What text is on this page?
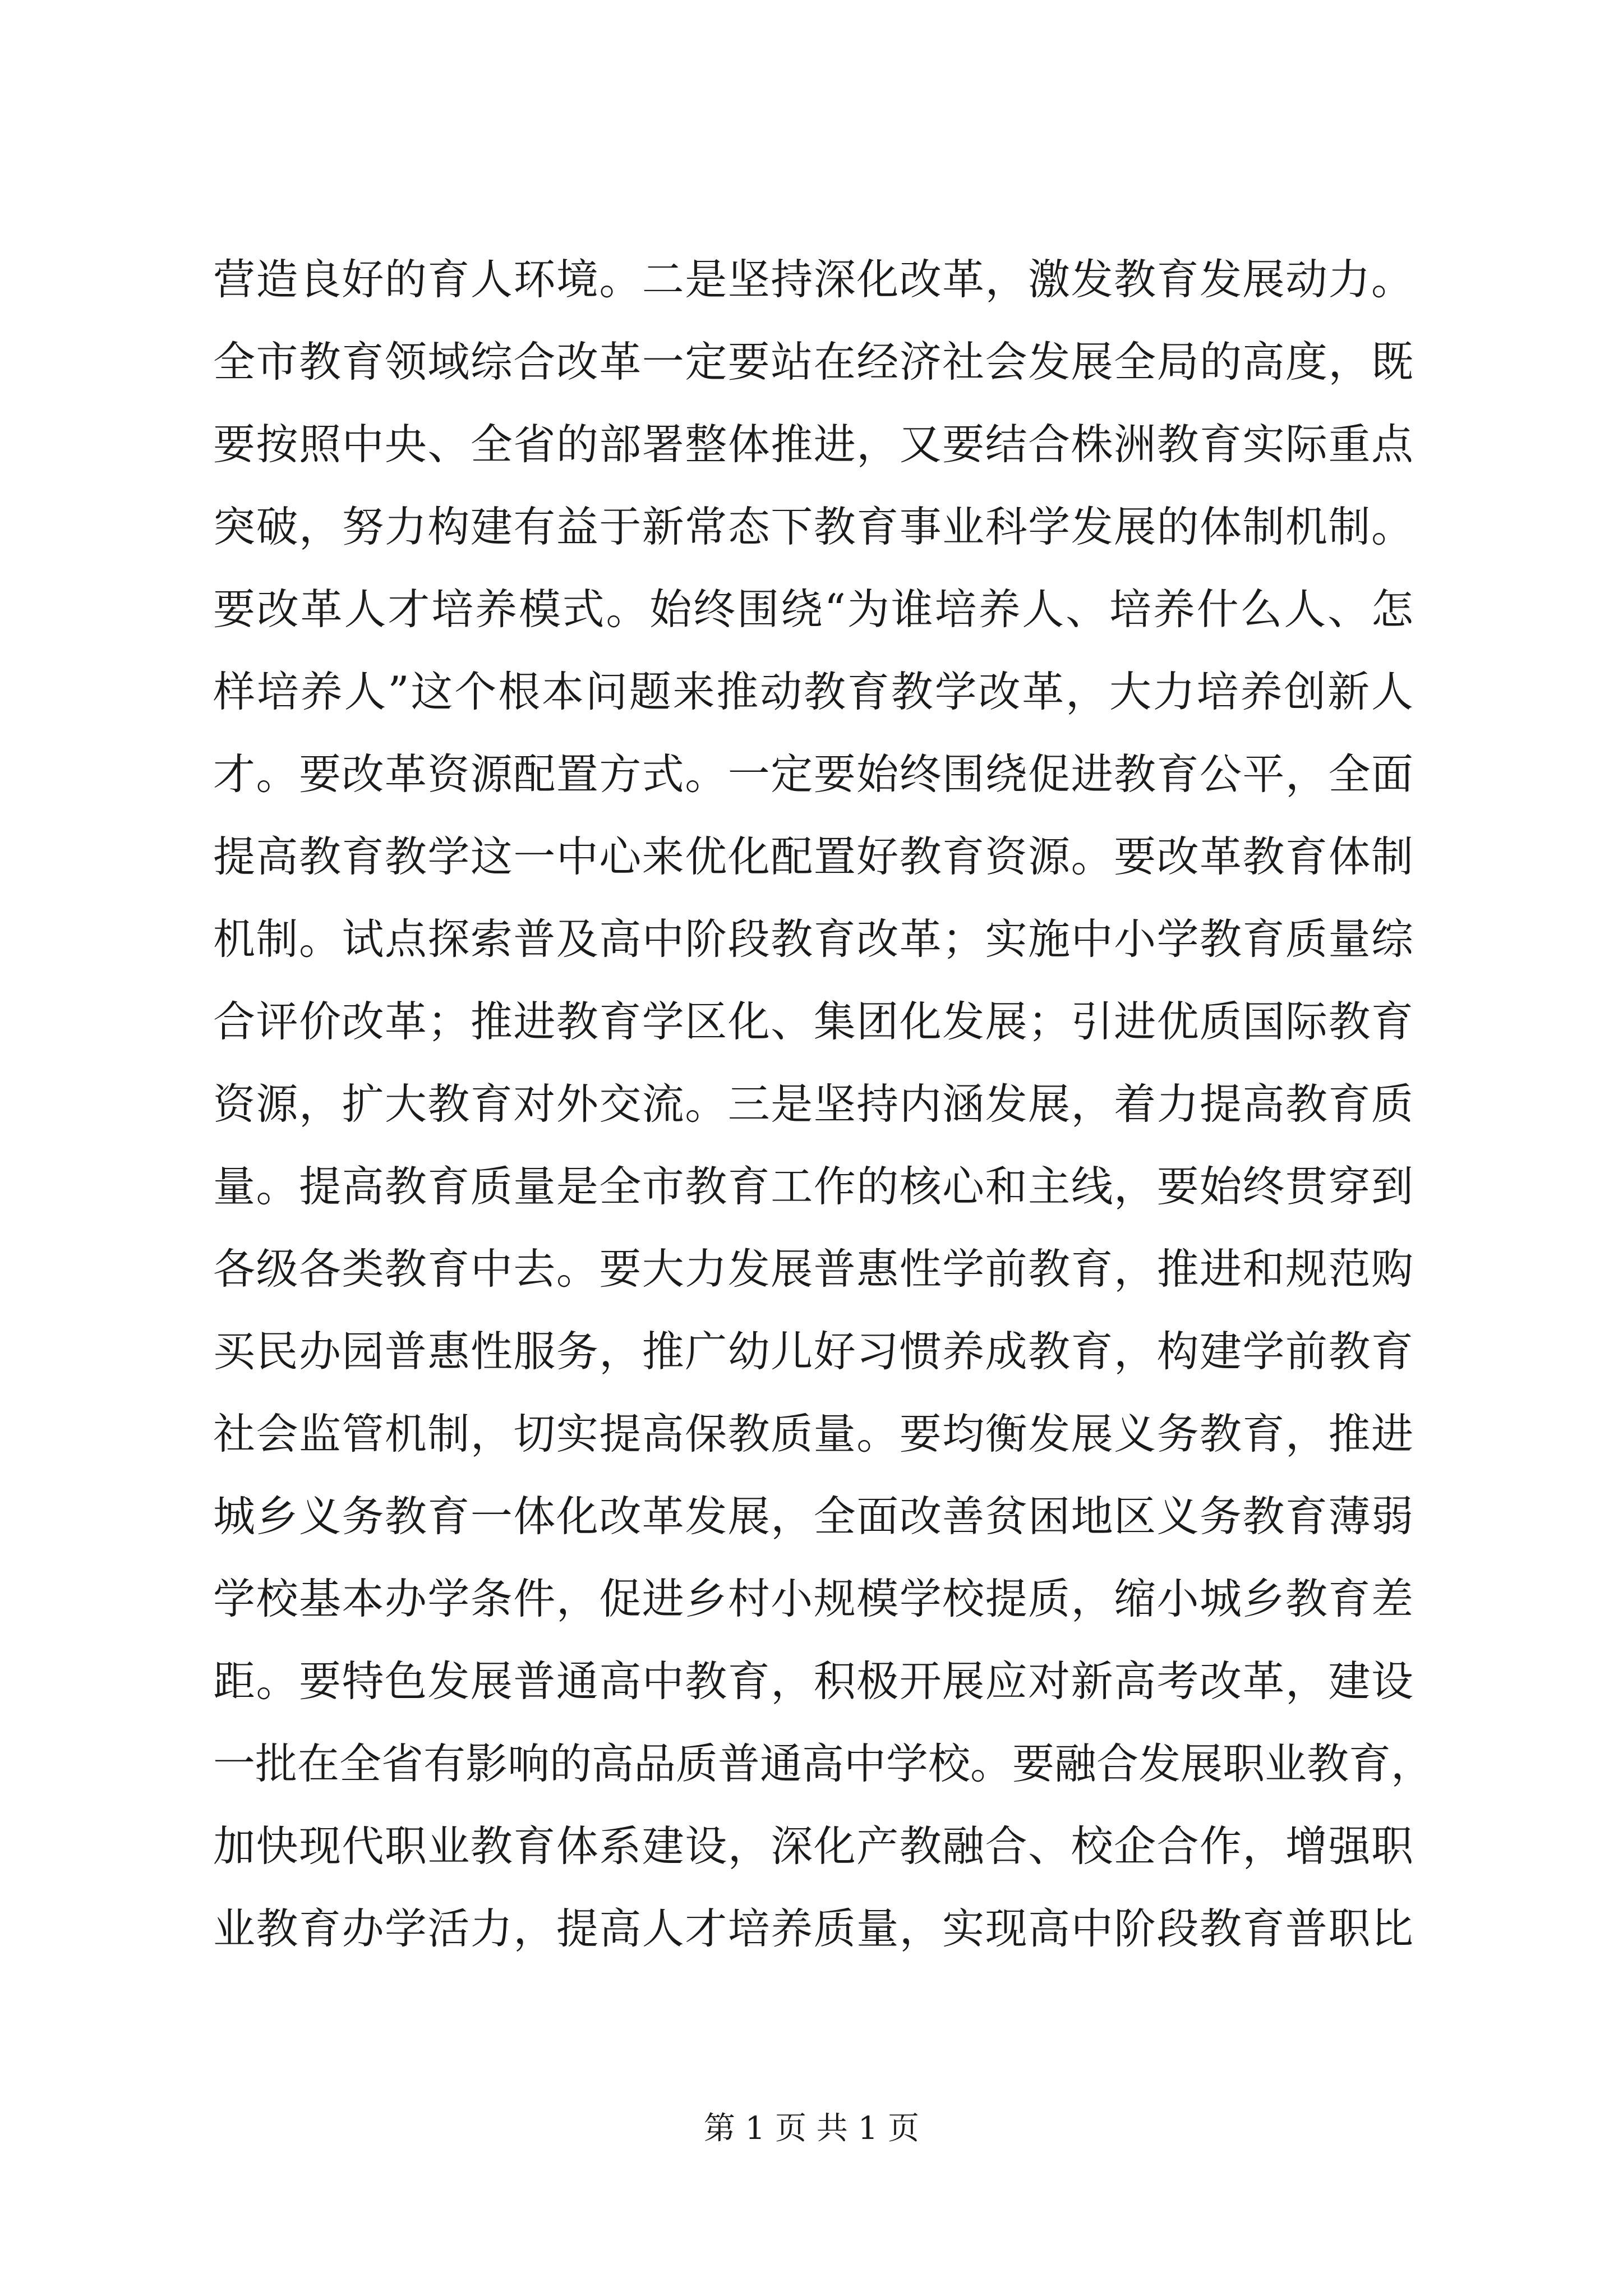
营造良好的育人环境。二是坚持深化改革，激发教育发展动力。
全市教育领域综合改革一定要站在经济社会发展全局的高度，既
要按照中央、全省的部署整体推进，又要结合株洲教育实际重点
突破，努力构建有益于新常态下教育事业科学发展的体制机制。
要改革人才培养模式。始终围绕“为谁培养人、培养什么人、怎
样培养人”这个根本问题来推动教育教学改革，大力培养创新人
才。要改革资源配置方式。一定要始终围绕促进教育公平，全面
提高教育教学这一中心来优化配置好教育资源。要改革教育体制
机制。试点探索普及高中阶段教育改革；实施中小学教育质量综
合评价改革；推进教育学区化、集团化发展；引进优质国际教育
资源，扩大教育对外交流。三是坚持内涵发展，着力提高教育质
量。提高教育质量是全市教育工作的核心和主线，要始终贯穿到
各级各类教育中去。要大力发展普惠性学前教育，推进和规范购
买民办园普惠性服务，推广幼儿好习惯养成教育，构建学前教育
社会监管机制，切实提高保教质量。要均衡发展义务教育，推进
城乡义务教育一体化改革发展，全面改善贫困地区义务教育薄弱
学校基本办学条件，促进乡村小规模学校提质，缩小城乡教育差
距。要特色发展普通高中教育，积极开展应对新高考改革，建设
一批在全省有影响的高品质普通高中学校。要融合发展职业教育，
加快现代职业教育体系建设，深化产教融合、校企合作，增强职
业教育办学活力，提高人才培养质量，实现高中阶段教育普职比
第 1 页 共 1 页
